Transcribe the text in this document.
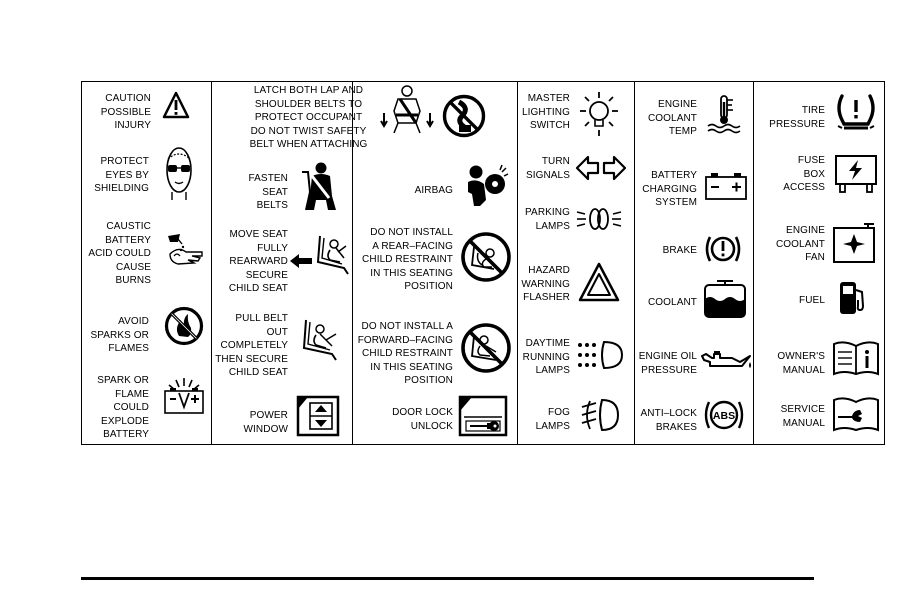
CAUTION
POSSIBLE
INJURY
PROTECT
EYES BY
SHIELDING
CAUSTIC
BATTERY
ACID COULD
CAUSE
BURNS
AVOID
SPARKS OR
FLAMES
SPARK OR
FLAME
COULD
EXPLODE
BATTERY
LATCH BOTH LAP AND
SHOULDER BELTS TO
PROTECT OCCUPANT
DO NOT TWIST SAFETY
BELT WHEN ATTACHING
FASTEN
SEAT
BELTS
MOVE SEAT
FULLY
REARWARD
SECURE
CHILD SEAT
PULL BELT
OUT
COMPLETELY
THEN SECURE
CHILD SEAT
POWER
WINDOW
AIRBAG
DO NOT INSTALL
A REAR–FACING
CHILD RESTRAINT
IN THIS SEATING
POSITION
DO NOT INSTALL A
FORWARD–FACING
CHILD RESTRAINT
IN THIS SEATING
POSITION
DOOR LOCK
UNLOCK
MASTER
LIGHTING
SWITCH
TURN
SIGNALS
PARKING
LAMPS
HAZARD
WARNING
FLASHER
DAYTIME
RUNNING
LAMPS
FOG
LAMPS
ENGINE
COOLANT
TEMP
BATTERY
CHARGING
SYSTEM
BRAKE
COOLANT
ENGINE OIL
PRESSURE
ANTI–LOCK
BRAKES
ABS
TIRE
PRESSURE
FUSE
BOX
ACCESS
ENGINE
COOLANT
FAN
FUEL
OWNER'S
MANUAL
SERVICE
MANUAL
